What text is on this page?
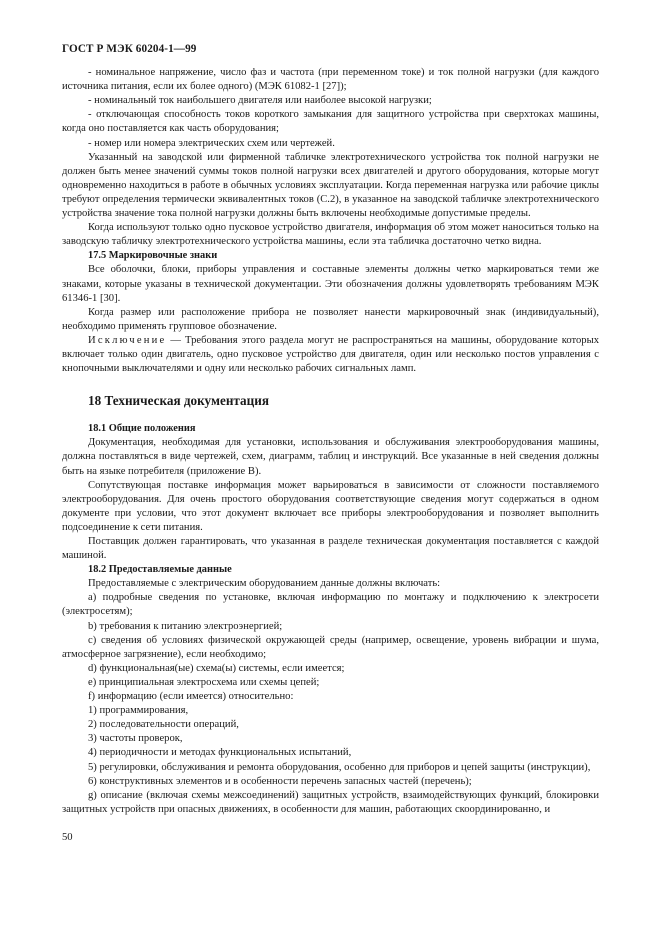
ГОСТ Р МЭК 60204-1—99

- номинальное напряжение, число фаз и частота (при переменном токе) и ток полной нагрузки (для каждого источника питания, если их более одного) (МЭК 61082-1 [27]);

- номинальный ток наибольшего двигателя или наиболее высокой нагрузки;

- отключающая способность токов короткого замыкания для защитного устройства при сверхтоках машины, когда оно поставляется как часть оборудования;

- номер или номера электрических схем или чертежей.

Указанный на заводской или фирменной табличке электротехнического устройства ток полной нагрузки не должен быть менее значений суммы токов полной нагрузки всех двигателей и другого оборудования, которые могут одновременно находиться в работе в обычных условиях эксплуатации. Когда переменная нагрузка или рабочие циклы требуют определения термически эквивалентных токов (С.2), в указанное на заводской табличке электротехнического устройства значение тока полной нагрузки должны быть включены необходимые допустимые пределы.

Когда используют только одно пусковое устройство двигателя, информация об этом может наноситься только на заводскую табличку электротехнического устройства машины, если эта табличка достаточно четко видна.

17.5 Маркировочные знаки

Все оболочки, блоки, приборы управления и составные элементы должны четко маркироваться теми же знаками, которые указаны в технической документации. Эти обозначения должны удовлетворять требованиям МЭК 61346-1 [30].

Когда размер или расположение прибора не позволяет нанести маркировочный знак (индивидуальный), необходимо применять групповое обозначение.

Исключение — Требования этого раздела могут не распространяться на машины, оборудование которых включает только один двигатель, одно пусковое устройство для двигателя, один или несколько постов управления с кнопочными выключателями и одну или несколько рабочих сигнальных ламп.

18 Техническая документация

18.1 Общие положения

Документация, необходимая для установки, использования и обслуживания электрооборудования машины, должна поставляться в виде чертежей, схем, диаграмм, таблиц и инструкций. Все указанные в ней сведения должны быть на языке потребителя (приложение В).

Сопутствующая поставке информация может варьироваться в зависимости от сложности поставляемого электрооборудования. Для очень простого оборудования соответствующие сведения могут содержаться в одном документе при условии, что этот документ включает все приборы электрооборудования и позволяет выполнить подсоединение к сети питания.

Поставщик должен гарантировать, что указанная в разделе техническая документация поставляется с каждой машиной.

18.2 Предоставляемые данные

Предоставляемые с электрическим оборудованием данные должны включать:

а) подробные сведения по установке, включая информацию по монтажу и подключению к электросети (электросетям);

b) требования к питанию электроэнергией;

с) сведения об условиях физической окружающей среды (например, освещение, уровень вибрации и шума, атмосферное загрязнение), если необходимо;

d) функциональная(ые) схема(ы) системы, если имеется;

е) принципиальная электросхема или схемы цепей;

f) информацию (если имеется) относительно:

1) программирования,

2) последовательности операций,

3) частоты проверок,

4) периодичности и методах функциональных испытаний,

5) регулировки, обслуживания и ремонта оборудования, особенно для приборов и цепей защиты (инструкции),

6) конструктивных элементов и в особенности перечень запасных частей (перечень);

g) описание (включая схемы межсоединений) защитных устройств, взаимодействующих функций, блокировки защитных устройств при опасных движениях, в особенности для машин, работающих скоординированно, и

50
